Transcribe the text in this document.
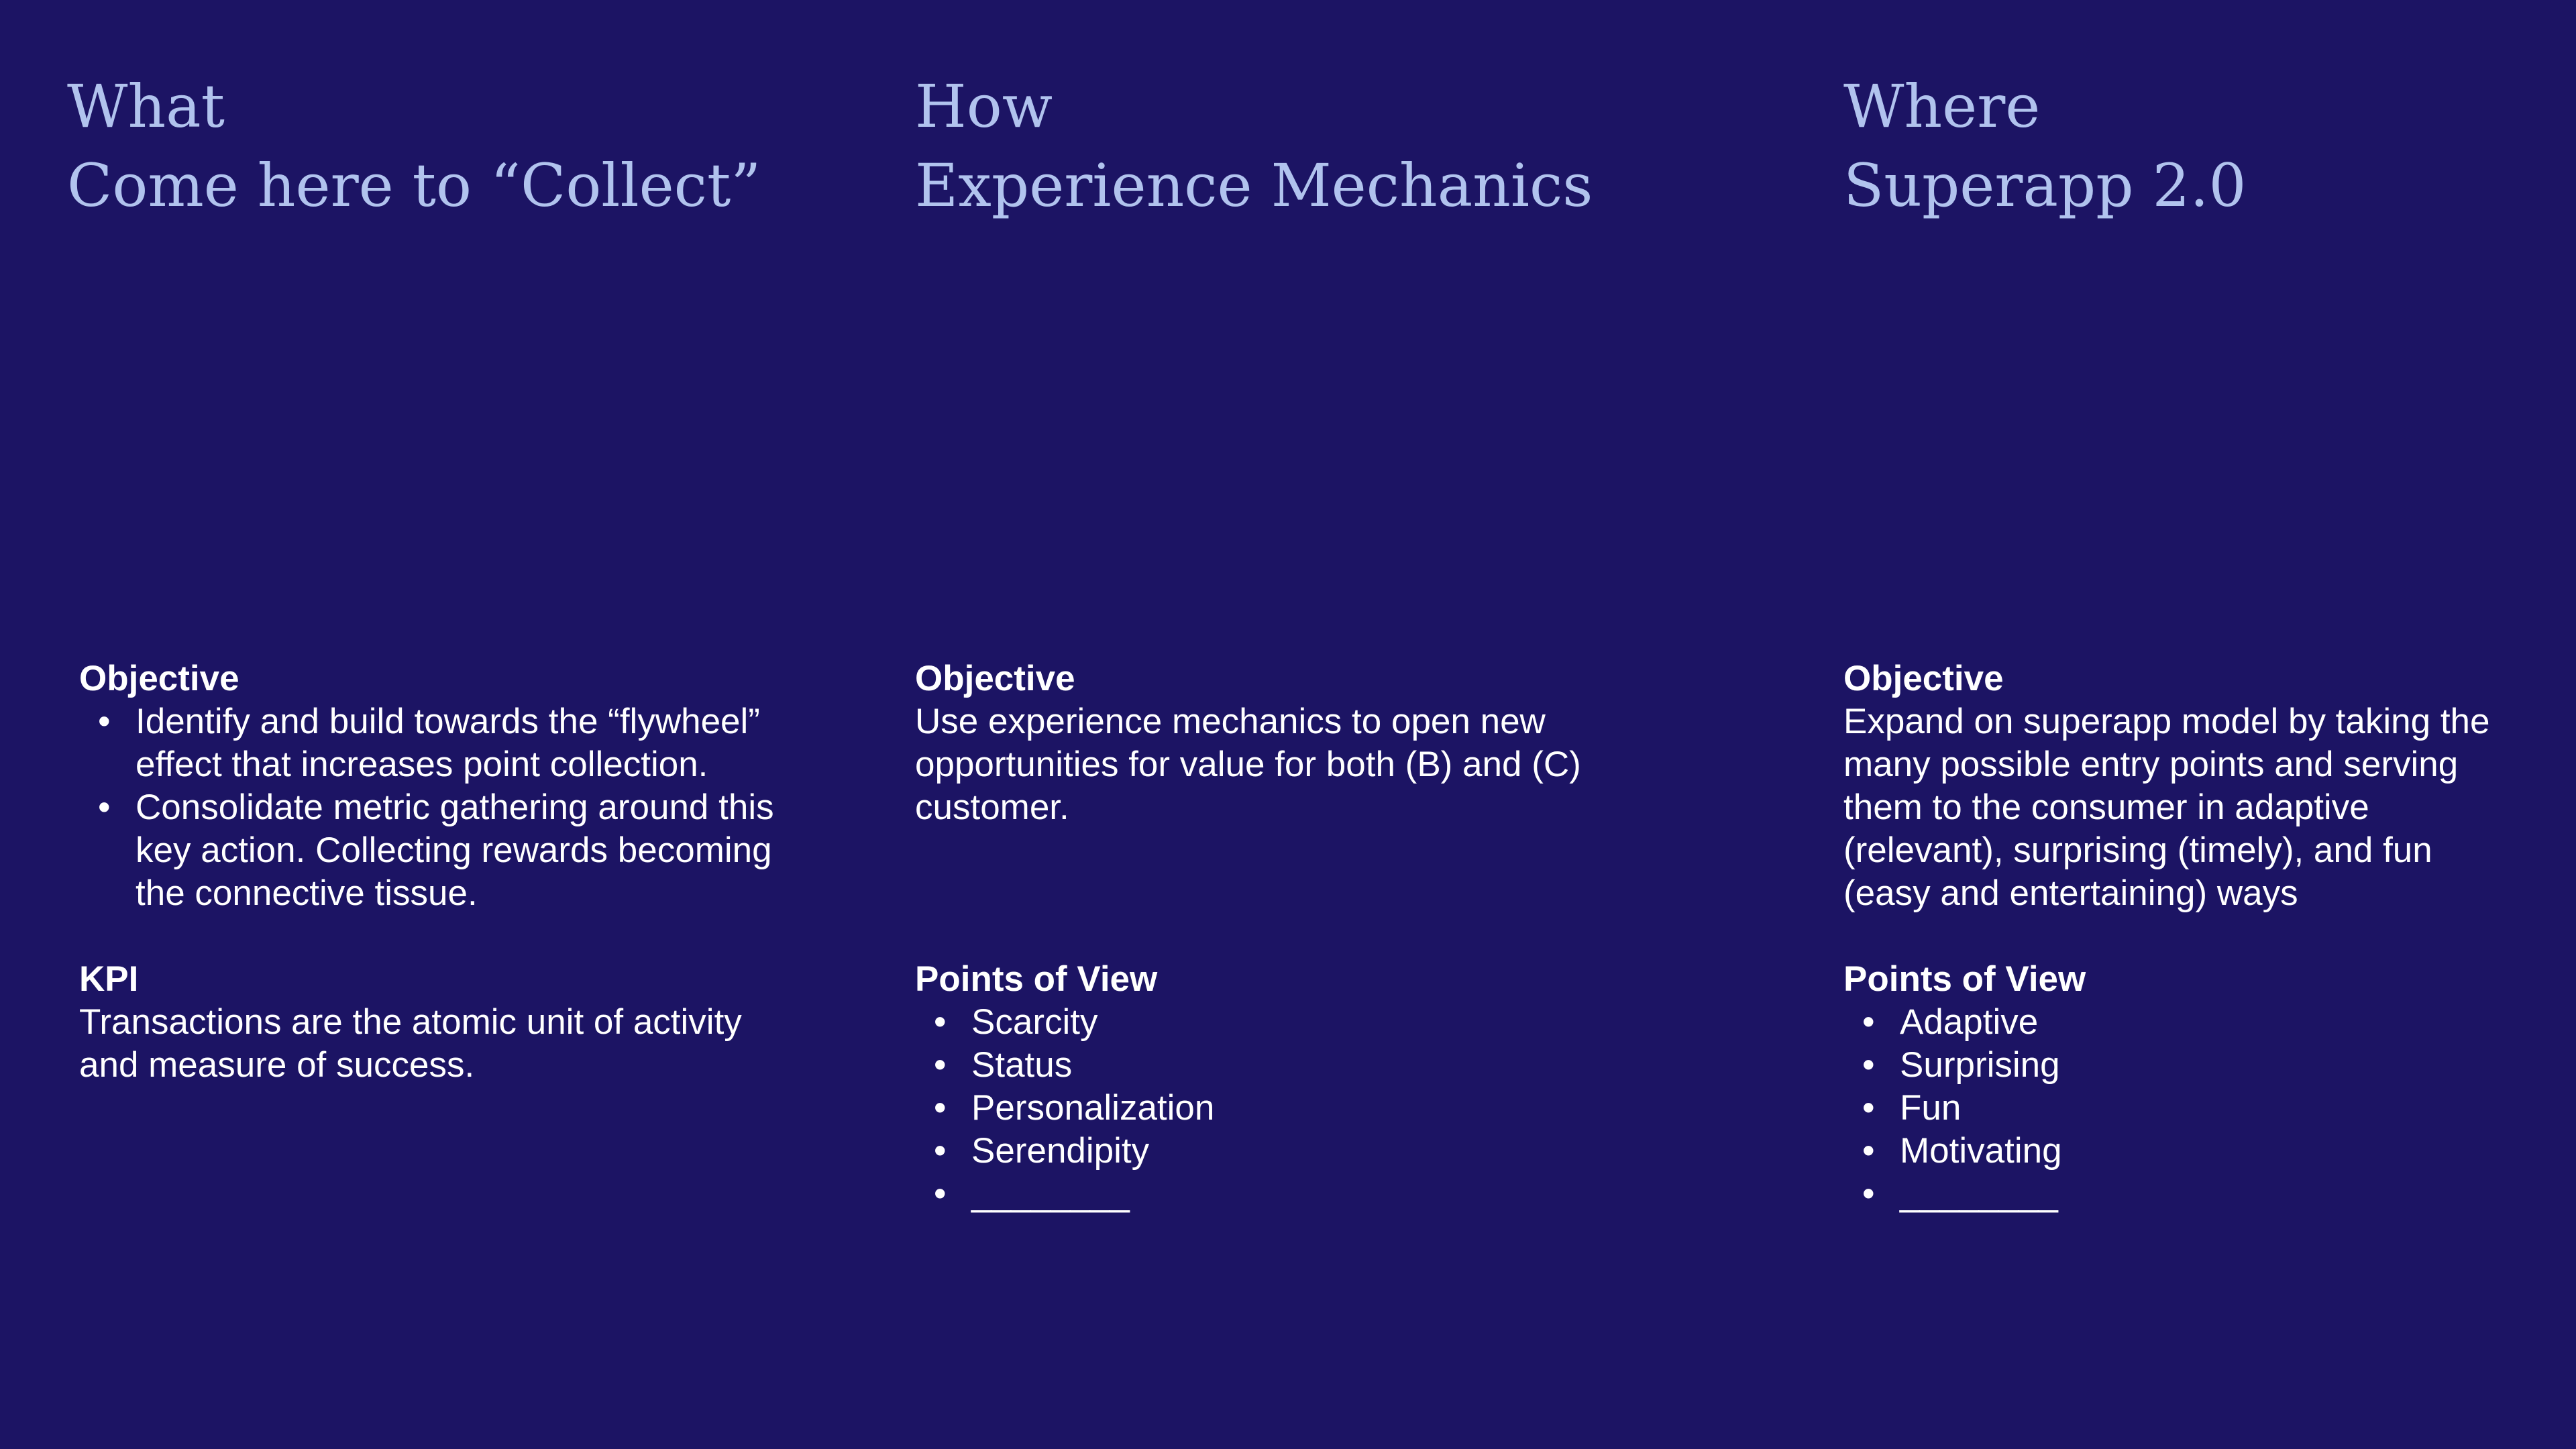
What
Come here to “Collect”

Objective

• Identify and build towards the “flywheel” effect that increases point collection.
• Consolidate metric gathering around this key action. Collecting rewards becoming the connective tissue.

KPI

Transactions are the atomic unit of activity and measure of success.

How
Experience Mechanics

Objective

Use experience mechanics to open new opportunities for value for both (B) and (C) customer.

Points of View

• Scarcity
• Status
• Personalization
• Serendipity
• ________
Where
Superapp 2.0

Objective

Expand on superapp model by taking the many possible entry points and serving them to the consumer in adaptive (relevant), surprising (timely), and fun (easy and entertaining) ways

Points of View

• Adaptive
• Surprising
• Fun
• Motivating
• ________
